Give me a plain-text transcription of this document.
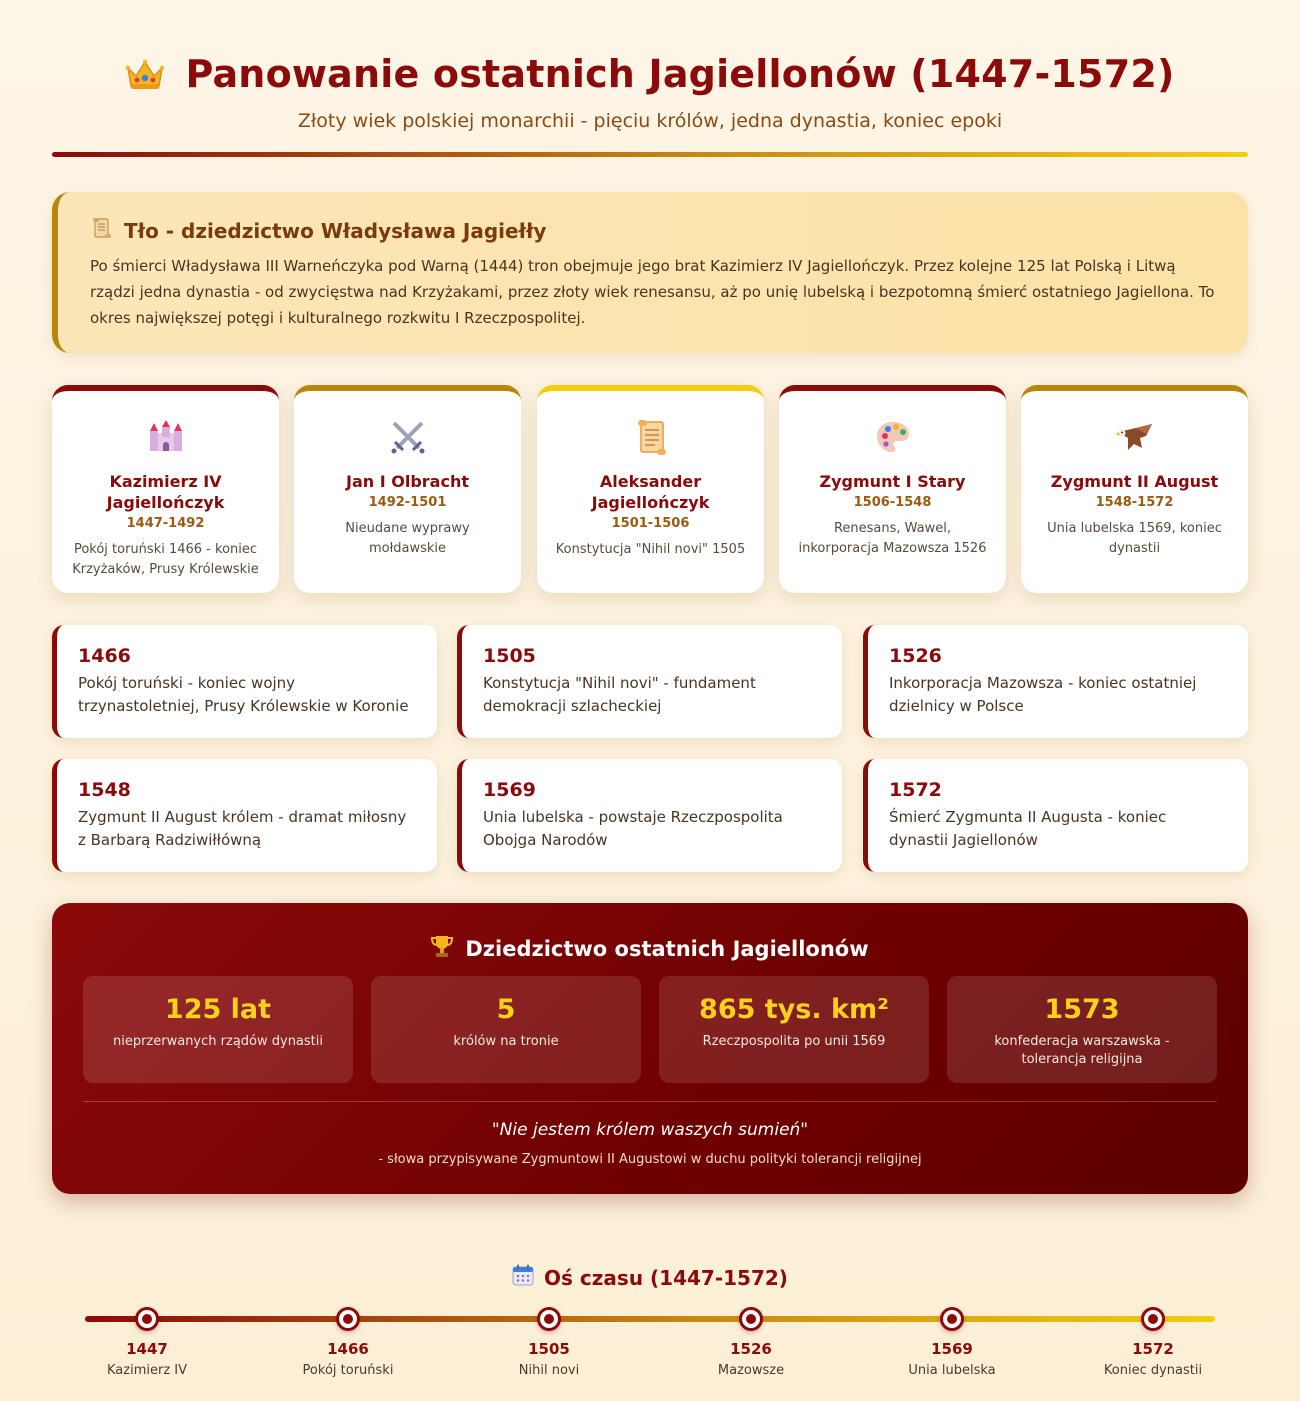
Panowanie ostatnich Jagiellonów (1447-1572)
Złoty wiek polskiej monarchii - pięciu królów, jedna dynastia, koniec epoki
Tło - dziedzictwo Władysława Jagiełły
Po śmierci Władysława III Warneńczyka pod Warną (1444) tron obejmuje jego brat Kazimierz IV Jagiellończyk. Przez kolejne 125 lat Polską i Litwą rządzi jedna dynastia - od zwycięstwa nad Krzyżakami, przez złoty wiek renesansu, aż po unię lubelską i bezpotomną śmierć ostatniego Jagiellona. To okres największej potęgi i kulturalnego rozkwitu I Rzeczpospolitej.
Kazimierz IV Jagiellończyk
1447-1492
Pokój toruński 1466 - koniec Krzyżaków, Prusy Królewskie
Jan I Olbracht
1492-1501
Nieudane wyprawy mołdawskie
Aleksander Jagiellończyk
1501-1506
Konstytucja "Nihil novi" 1505
Zygmunt I Stary
1506-1548
Renesans, Wawel, inkorporacja Mazowsza 1526
Zygmunt II August
1548-1572
Unia lubelska 1569, koniec dynastii
1466
Pokój toruński - koniec wojny trzynastoletniej, Prusy Królewskie w Koronie
1505
Konstytucja "Nihil novi" - fundament demokracji szlacheckiej
1526
Inkorporacja Mazowsza - koniec ostatniej dzielnicy w Polsce
1548
Zygmunt II August królem - dramat miłosny z Barbarą Radziwiłłówną
1569
Unia lubelska - powstaje Rzeczpospolita Obojga Narodów
1572
Śmierć Zygmunta II Augusta - koniec dynastii Jagiellonów
Dziedzictwo ostatnich Jagiellonów
125 lat
nieprzerwanych rządów dynastii
5
królów na tronie
865 tys. km²
Rzeczpospolita po unii 1569
1573
konfederacja warszawska - tolerancja religijna
"Nie jestem królem waszych sumień"
- słowa przypisywane Zygmuntowi II Augustowi w duchu polityki tolerancji religijnej
Oś czasu (1447-1572)
1447
Kazimierz IV
1466
Pokój toruński
1505
Nihil novi
1526
Mazowsze
1569
Unia lubelska
1572
Koniec dynastii
